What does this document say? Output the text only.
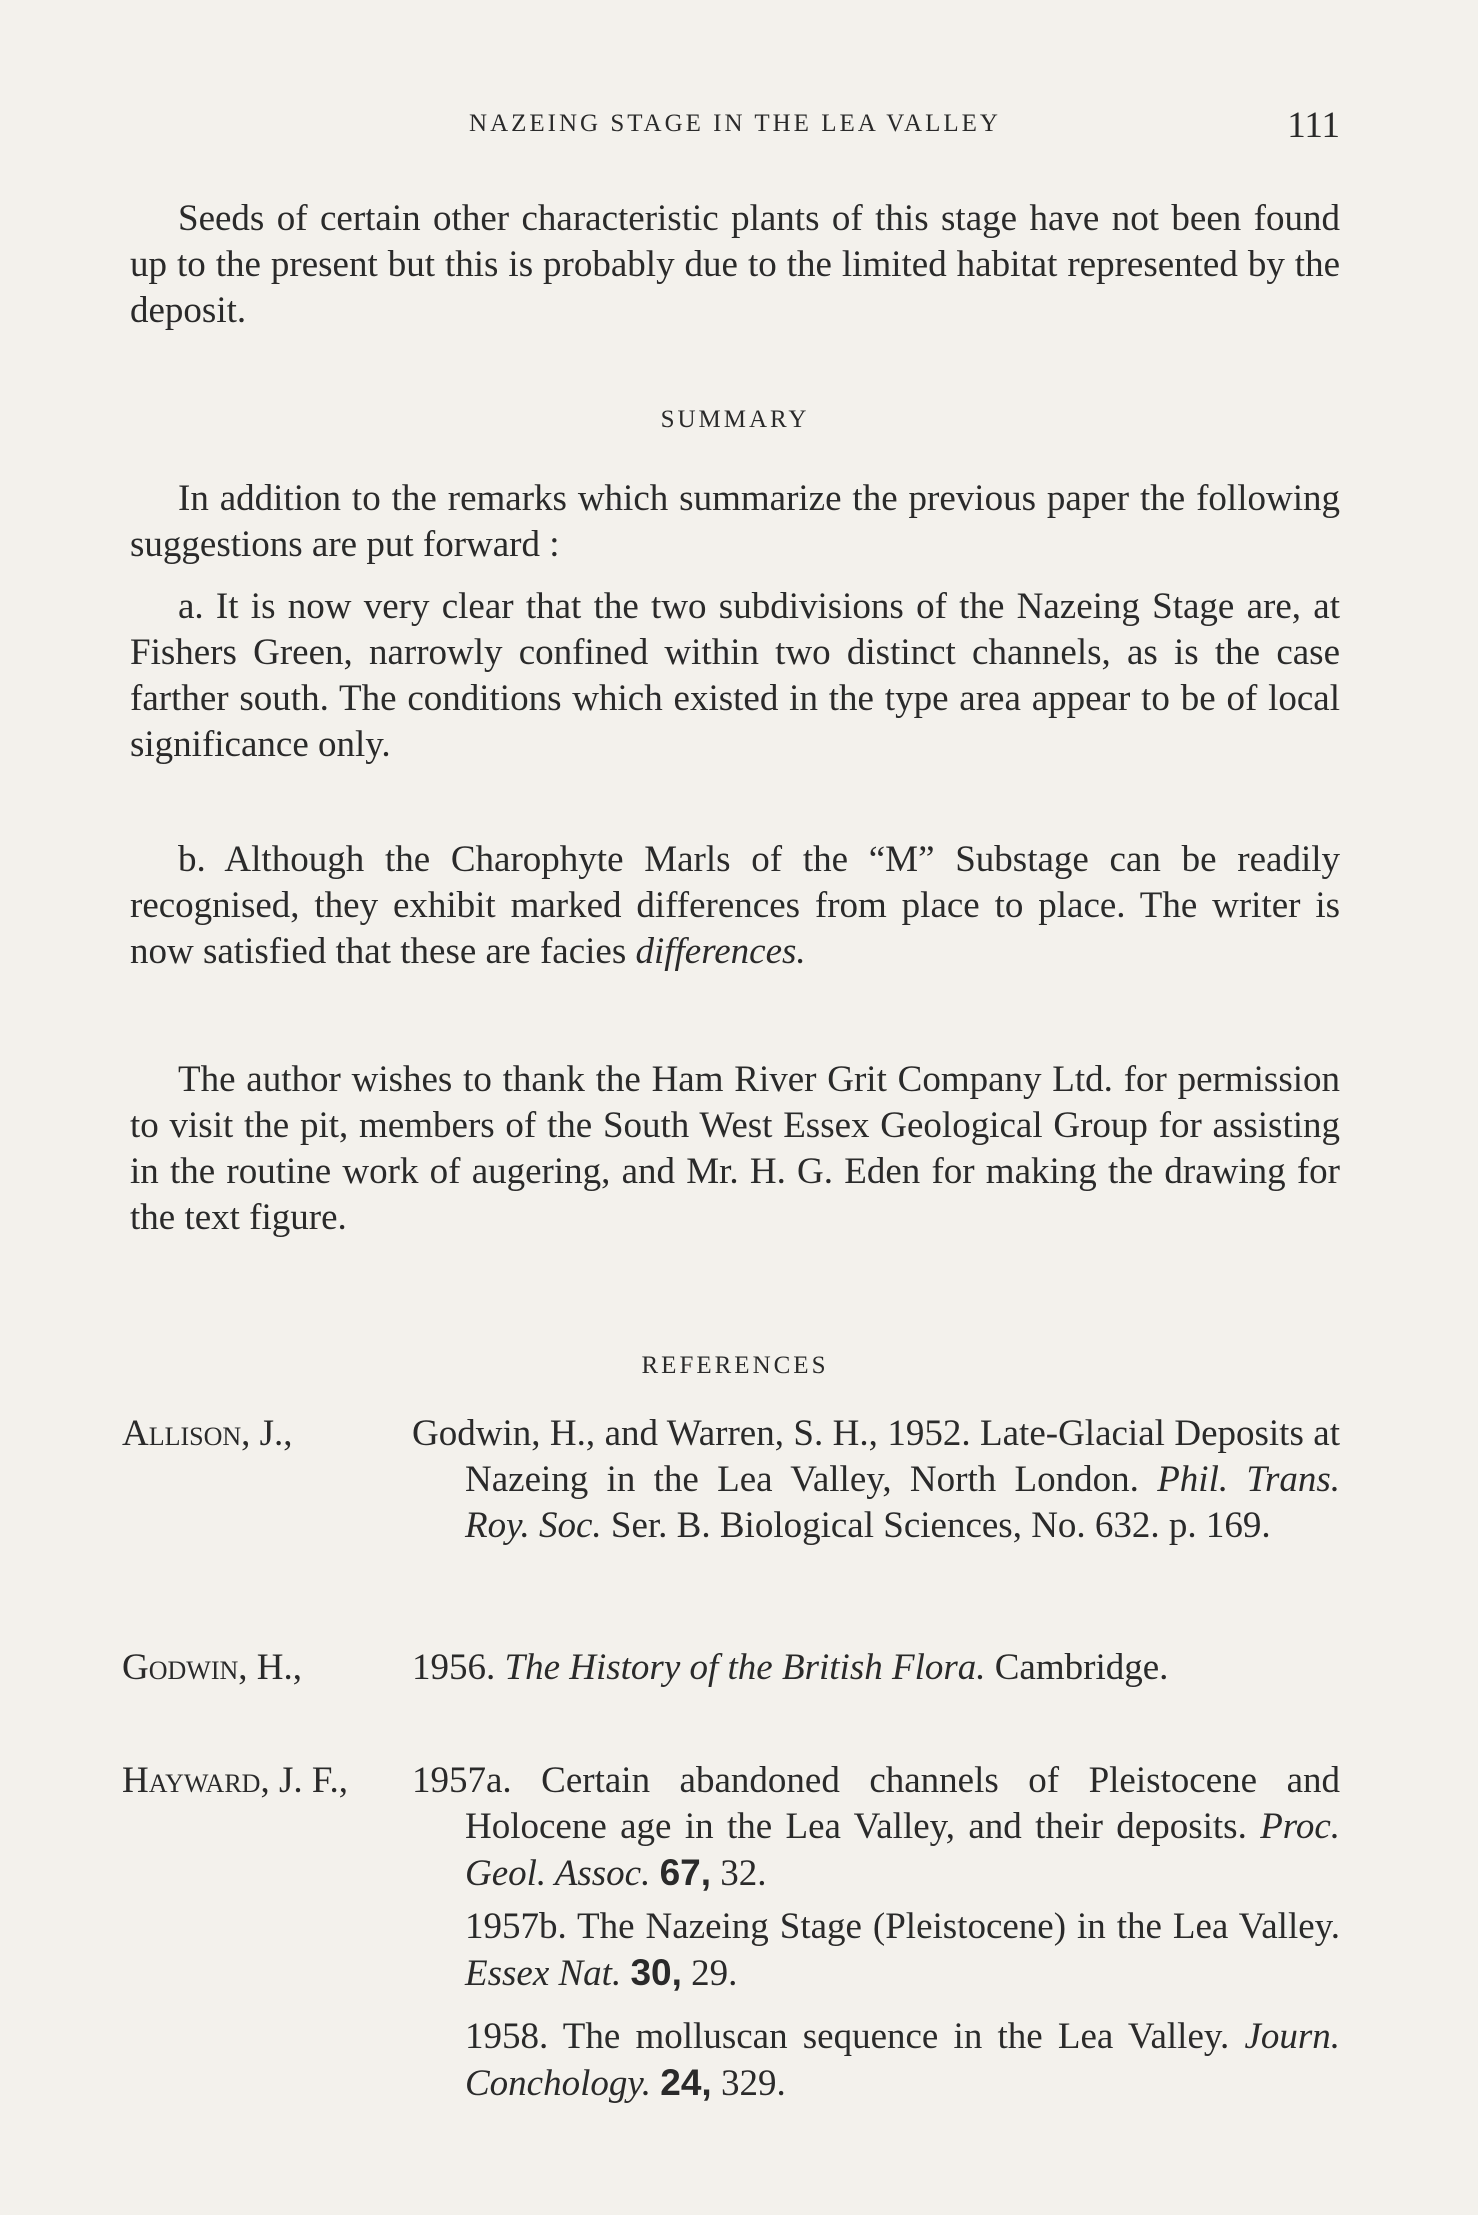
NAZEING STAGE IN THE LEA VALLEY	111

Seeds of certain other characteristic plants of this stage have not been found up to the present but this is probably due to the limited habitat represented by the deposit.

SUMMARY

In addition to the remarks which summarize the previous paper the following suggestions are put forward :

a. It is now very clear that the two subdivisions of the Nazeing Stage are, at Fishers Green, narrowly confined within two distinct channels, as is the case farther south. The conditions which existed in the type area appear to be of local significance only.

b. Although the Charophyte Marls of the “M” Substage can be readily recognised, they exhibit marked differences from place to place. The writer is now satisfied that these are facies differences.

The author wishes to thank the Ham River Grit Company Ltd. for permission to visit the pit, members of the South West Essex Geological Group for assisting in the routine work of augering, and Mr. H. G. Eden for making the drawing for the text figure.

REFERENCES
Allison, J.,	Godwin, H., and Warren, S. H., 1952. Late-Glacial Deposits at Nazeing in the Lea Valley, North London. Phil. Trans. Roy. Soc. Ser. B. Biological Sciences, No. 632. p. 169.
Godwin, H.,	1956. The History of the British Flora. Cambridge.
Hayward, J. F., 1957a. Certain abandoned channels of Pleistocene and Holocene age in the Lea Valley, and their deposits. Proc. Geol. Assoc. 67, 32.
1957b. The Nazeing Stage (Pleistocene) in the Lea Valley. Essex Nat. 30, 29.
1958. The molluscan sequence in the Lea Valley. Journ. Conchology. 24, 329.
